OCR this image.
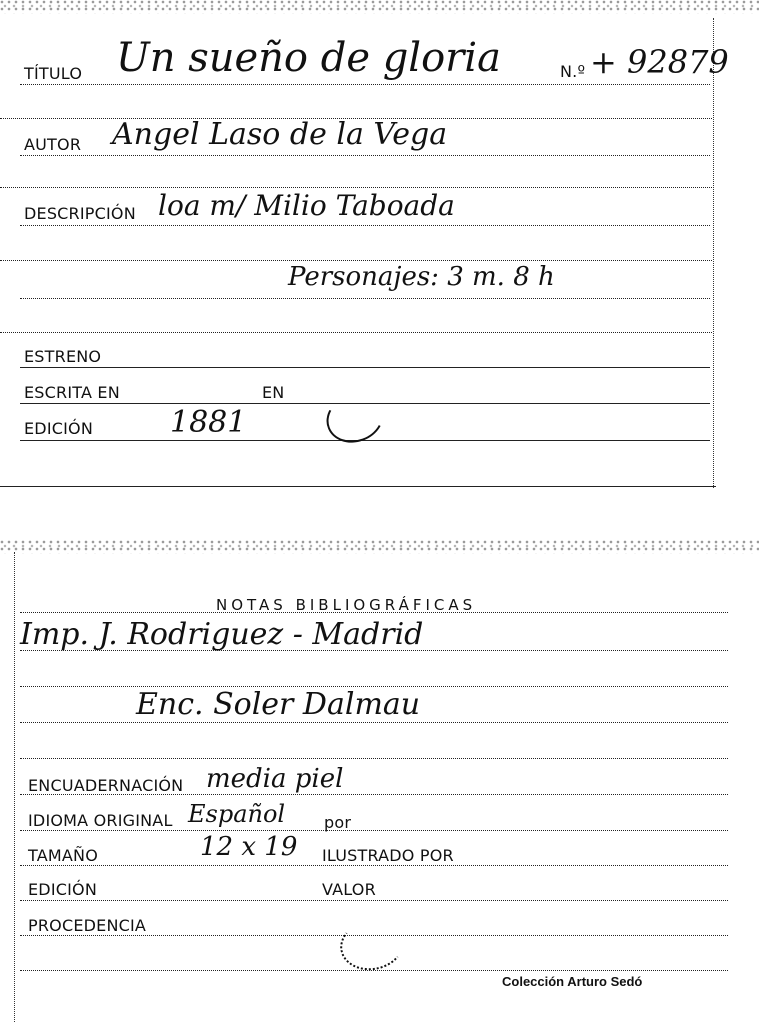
TÍTULO Un sueño de gloria	N.º + 92879
AUTOR Angel Laso de la Vega
DESCRIPCIÓN loa m/ Milio Taboada
Personajes: 3 m. 8 h
ESTRENO
ESCRITA EN	EN
EDICIÓN	1881
NOTAS BIBLIOGRÁFICAS
Imp. J. Rodriguez - Madrid
Enc. Soler Dalmau
ENCUADERNACIÓN media piel
IDIOMA ORIGINAL Español por
TAMAÑO	12 x 19 ILUSTRADO POR
EDICIÓN	VALOR
PROCEDENCIA
Colección Arturo Sedó
